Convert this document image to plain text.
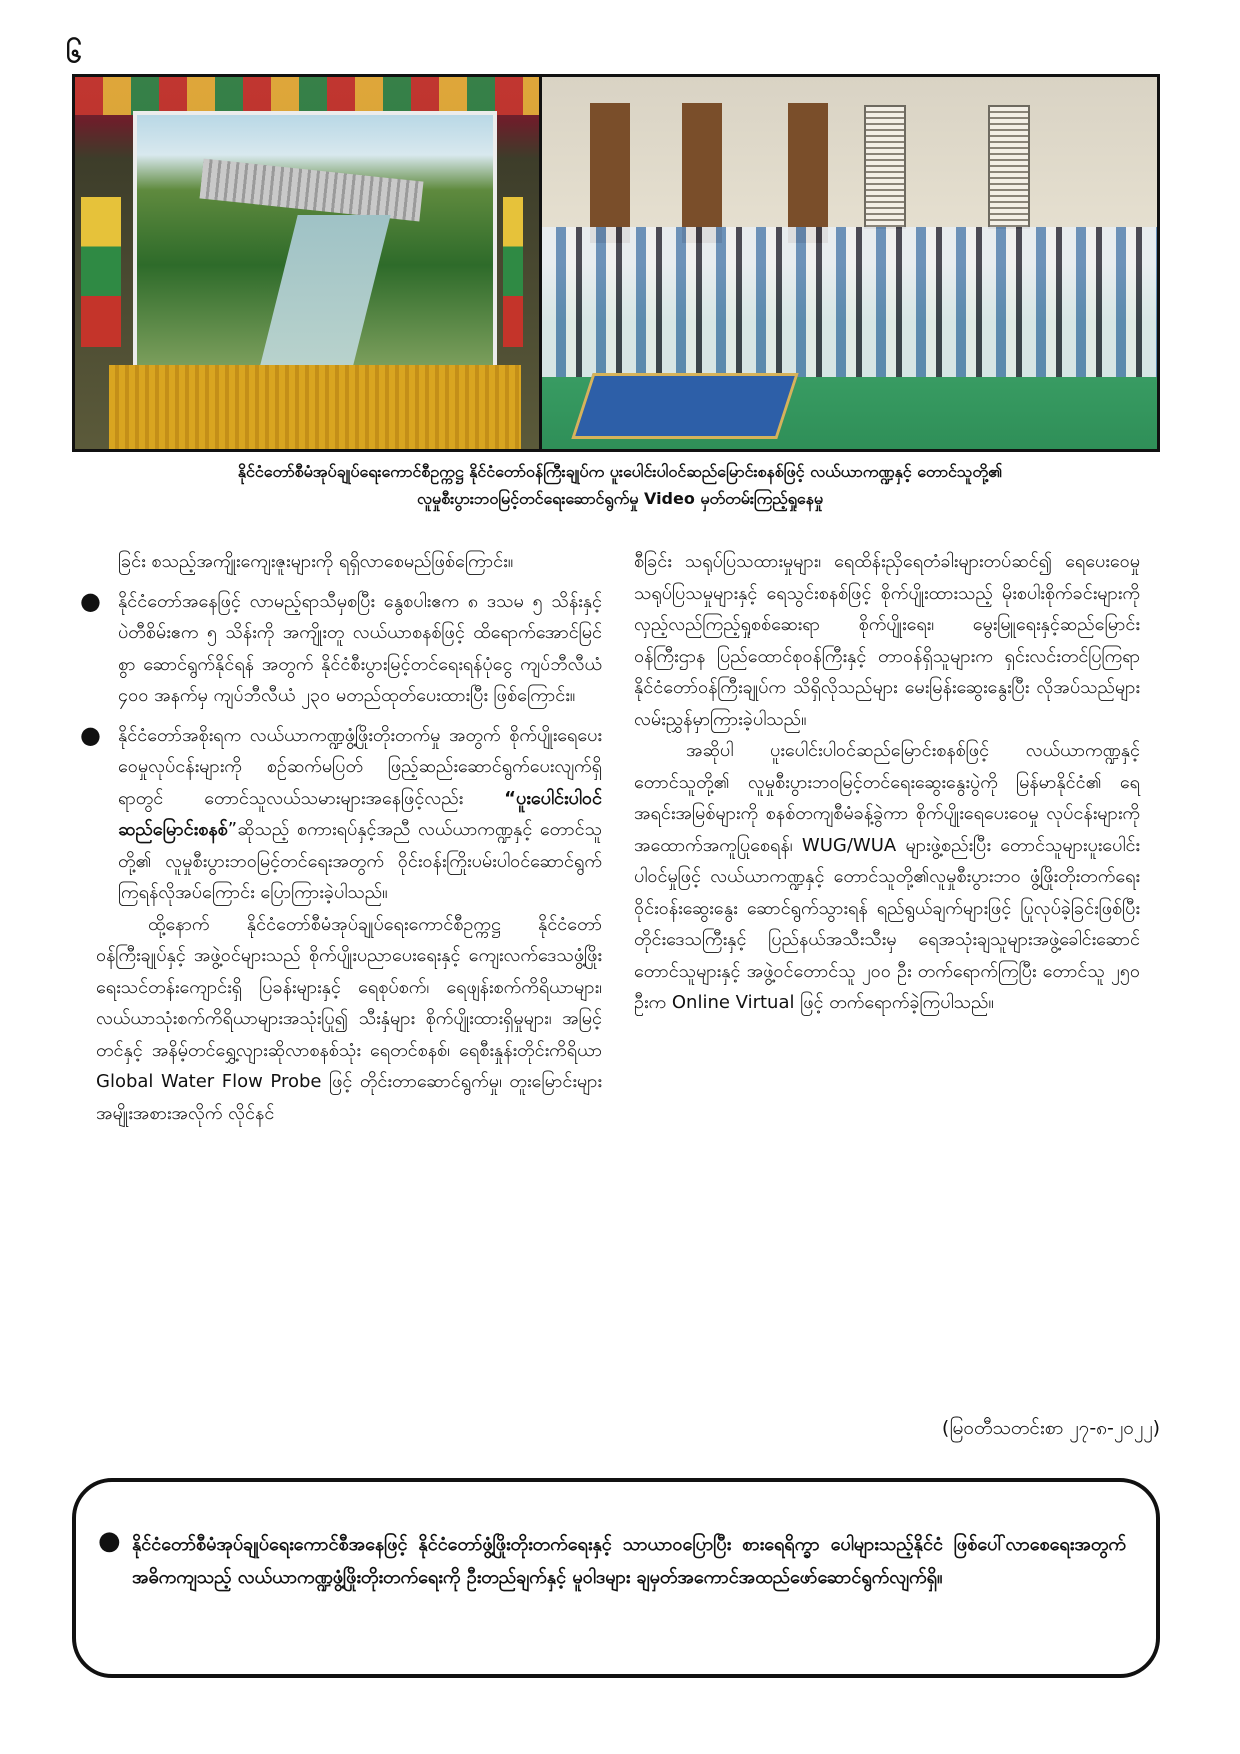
၆
နိုင်ငံတော်စီမံအုပ်ချုပ်ရေးကောင်စီဥက္ကဋ္ဌ နိုင်ငံတော်ဝန်ကြီးချုပ်က ပူးပေါင်းပါဝင်ဆည်မြောင်းစနစ်ဖြင့် လယ်ယာကဏ္ဍနှင့် တောင်သူတို့၏
လူမှုစီးပွားဘဝမြင့်တင်ရေးဆောင်ရွက်မှု Video မှတ်တမ်းကြည့်ရှုနေမှု

ခြင်း စသည့်အကျိုးကျေးဇူးများကို ရရှိလာစေမည်ဖြစ်ကြောင်း။

● နိုင်ငံတော်အနေဖြင့် လာမည့်ရာသီမှစပြီး နွေစပါးဧက ၈ ဒသမ ၅ သိန်းနှင့် ပဲတီစိမ်းဧက ၅ သိန်းကို အကျိုးတူ လယ်ယာစနစ်ဖြင့် ထိရောက်အောင်မြင်စွာ ဆောင်ရွက်နိုင်ရန် အတွက် နိုင်ငံစီးပွားမြင့်တင်ရေးရန်ပုံငွေ ကျပ်ဘီလီယံ ၄၀၀ အနက်မှ ကျပ်ဘီလီယံ ၂၃၀ မတည်ထုတ်ပေးထားပြီး ဖြစ်ကြောင်း။

● နိုင်ငံတော်အစိုးရက လယ်ယာကဏ္ဍဖွံ့ဖြိုးတိုးတက်မှု အတွက် စိုက်ပျိုးရေပေးဝေမှုလုပ်ငန်းများကို စဉ်ဆက်မပြတ် ဖြည့်ဆည်းဆောင်ရွက်ပေးလျက်ရှိရာတွင် တောင်သူလယ်သမားများအနေဖြင့်လည်း “ပူးပေါင်းပါဝင်ဆည်မြောင်းစနစ်”ဆိုသည့် စကားရပ်နှင့်အညီ လယ်ယာကဏ္ဍနှင့် တောင်သူတို့၏ လူမှုစီးပွားဘဝမြင့်တင်ရေးအတွက် ဝိုင်းဝန်းကြိုးပမ်းပါဝင်ဆောင်ရွက်ကြရန်လိုအပ်ကြောင်း ပြောကြားခဲ့ပါသည်။

ထို့နောက် နိုင်ငံတော်စီမံအုပ်ချုပ်ရေးကောင်စီဥက္ကဋ္ဌ နိုင်ငံတော်ဝန်ကြီးချုပ်နှင့် အဖွဲ့ဝင်များသည် စိုက်ပျိုးပညာပေးရေးနှင့် ကျေးလက်ဒေသဖွံ့ဖြိုးရေးသင်တန်းကျောင်းရှိ ပြခန်းများနှင့် ရေစုပ်စက်၊ ရေဖျန်းစက်ကိရိယာများ၊ လယ်ယာသုံးစက်ကိရိယာများအသုံးပြု၍ သီးနှံများ စိုက်ပျိုးထားရှိမှုများ၊ အမြင့်တင်နှင့် အနိမ့်တင်ရွှေ့လျားဆိုလာစနစ်သုံး ရေတင်စနစ်၊ ရေစီးနှုန်းတိုင်းကိရိယာ Global Water Flow Probe ဖြင့် တိုင်းတာဆောင်ရွက်မှု၊ တူးမြောင်းများ အမျိုးအစားအလိုက် လိုင်နင်

စီခြင်း သရုပ်ပြသထားမှုများ၊ ရေထိန်းညှိရေတံခါးများတပ်ဆင်၍ ရေပေးဝေမှု သရုပ်ပြသမှုများနှင့် ရေသွင်းစနစ်ဖြင့် စိုက်ပျိုးထားသည့် မိုးစပါးစိုက်ခင်းများကို လှည့်လည်ကြည့်ရှုစစ်ဆေးရာ စိုက်ပျိုးရေး၊ မွေးမြူရေးနှင့်ဆည်မြောင်းဝန်ကြီးဌာန ပြည်ထောင်စုဝန်ကြီးနှင့် တာဝန်ရှိသူများက ရှင်းလင်းတင်ပြကြရာ နိုင်ငံတော်ဝန်ကြီးချုပ်က သိရှိလိုသည်များ မေးမြန်းဆွေးနွေးပြီး လိုအပ်သည်များ လမ်းညွှန်မှာကြားခဲ့ပါသည်။

အဆိုပါ ပူးပေါင်းပါဝင်ဆည်မြောင်းစနစ်ဖြင့် လယ်ယာကဏ္ဍနှင့် တောင်သူတို့၏ လူမှုစီးပွားဘဝမြင့်တင်ရေးဆွေးနွေးပွဲကို မြန်မာနိုင်ငံ၏ ရေအရင်းအမြစ်များကို စနစ်တကျစီမံခန့်ခွဲကာ စိုက်ပျိုးရေပေးဝေမှု လုပ်ငန်းများကို အထောက်အကူပြုစေရန်၊ WUG/WUA များဖွဲ့စည်းပြီး တောင်သူများပူးပေါင်းပါဝင်မှုဖြင့် လယ်ယာကဏ္ဍနှင့် တောင်သူတို့၏လူမှုစီးပွားဘဝ ဖွံ့ဖြိုးတိုးတက်ရေး ဝိုင်းဝန်းဆွေးနွေး ဆောင်ရွက်သွားရန် ရည်ရွယ်ချက်များဖြင့် ပြုလုပ်ခဲ့ခြင်းဖြစ်ပြီး တိုင်းဒေသကြီးနှင့် ပြည်နယ်အသီးသီးမှ ရေအသုံးချသူများအဖွဲ့ခေါင်းဆောင် တောင်သူများနှင့် အဖွဲ့ဝင်တောင်သူ ၂၀၀ ဦး တက်ရောက်ကြပြီး တောင်သူ ၂၅၀ ဦးက Online Virtual ဖြင့် တက်ရောက်ခဲ့ကြပါသည်။

(မြဝတီသတင်းစာ ၂၇-၈-၂၀၂၂)
● နိုင်ငံတော်စီမံအုပ်ချုပ်ရေးကောင်စီအနေဖြင့် နိုင်ငံတော်ဖွံ့ဖြိုးတိုးတက်ရေးနှင့် သာယာဝပြောပြီး စားရေရိက္ခာ ပေါများသည့်နိုင်ငံ ဖြစ်ပေါ်လာစေရေးအတွက် အဓိကကျသည့် လယ်ယာကဏ္ဍဖွံ့ဖြိုးတိုးတက်ရေးကို ဦးတည်ချက်နှင့် မူဝါဒများ ချမှတ်အကောင်အထည်ဖော်ဆောင်ရွက်လျက်ရှိ။
